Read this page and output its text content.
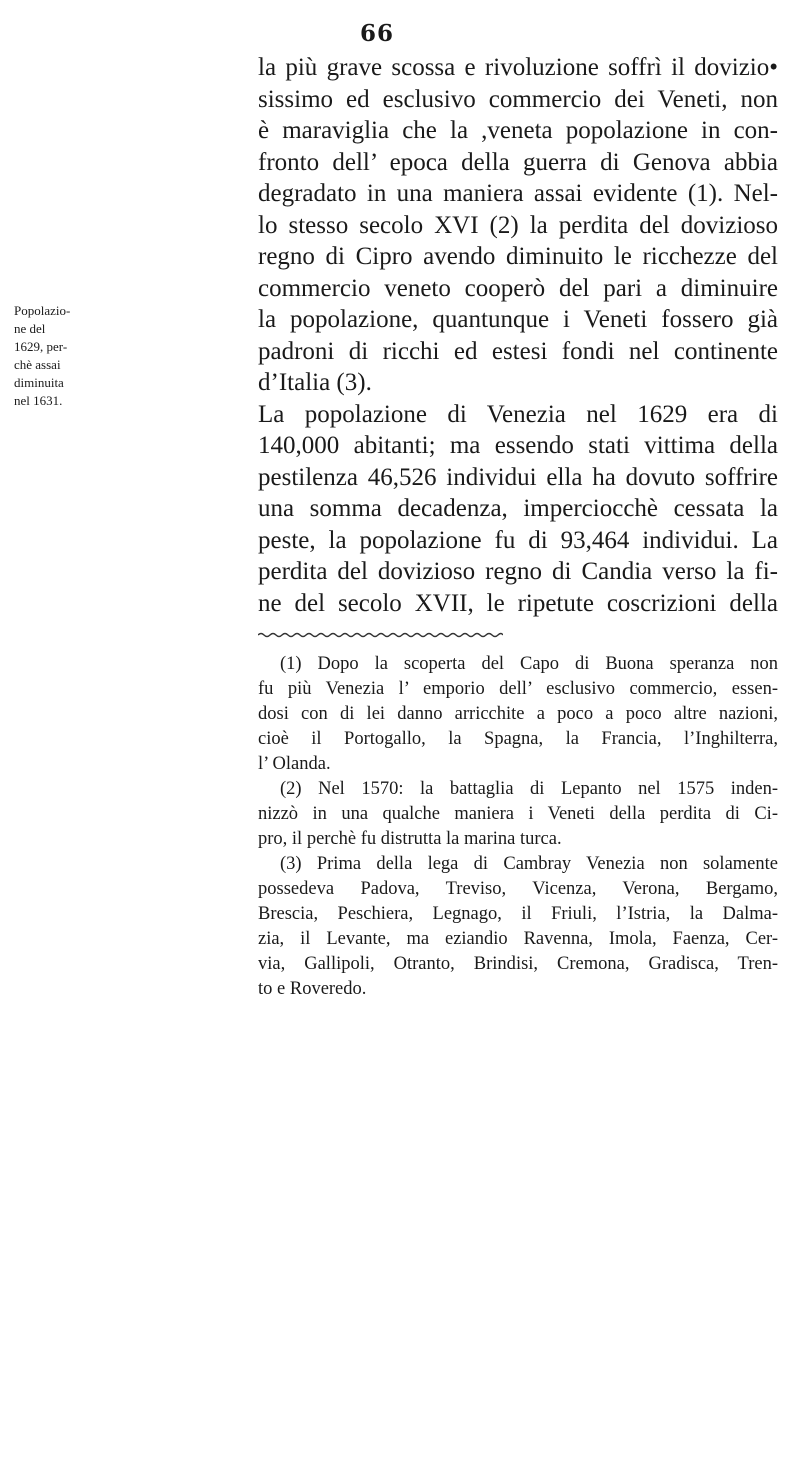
66
la più grave scossa e rivoluzione soffrì il dovizio•
sissimo ed esclusivo commercio dei Veneti, non
è maraviglia che la ,veneta popolazione in con-
fronto dell’ epoca della guerra di Genova abbia
degradato in una maniera assai evidente (1). Nel-
lo stesso secolo XVI (2) la perdita del dovizioso
regno di Cipro avendo diminuito le ricchezze del
commercio veneto cooperò del pari a diminuire
la popolazione, quantunque i Veneti fossero già
padroni di ricchi ed estesi fondi nel continente
d’Italia (3).
La popolazione di Venezia nel 1629 era di
140,000 abitanti; ma essendo stati vittima della
pestilenza 46,526 individui ella ha dovuto soffrire
una somma decadenza, imperciocchè cessata la
peste, la popolazione fu di 93,464 individui. La
perdita del dovizioso regno di Candia verso la fi-
ne del secolo XVII, le ripetute coscrizioni della
Popolazio-
ne del
1629, per-
chè assai
diminuita
nel 1631.
(1) Dopo la scoperta del Capo di Buona speranza non
fu più Venezia l’ emporio dell’ esclusivo commercio, essen-
dosi con di lei danno arricchite a poco a poco altre nazioni,
cioè il Portogallo, la Spagna, la Francia, l’Inghilterra,
l’ Olanda.
(2) Nel 1570: la battaglia di Lepanto nel 1575 inden-
nizzò in una qualche maniera i Veneti della perdita di Ci-
pro, il perchè fu distrutta la marina turca.
(3) Prima della lega di Cambray Venezia non solamente
possedeva Padova, Treviso, Vicenza, Verona, Bergamo,
Brescia, Peschiera, Legnago, il Friuli, l’Istria, la Dalma-
zia, il Levante, ma eziandio Ravenna, Imola, Faenza, Cer-
via, Gallipoli, Otranto, Brindisi, Cremona, Gradisca, Tren-
to e Roveredo.
